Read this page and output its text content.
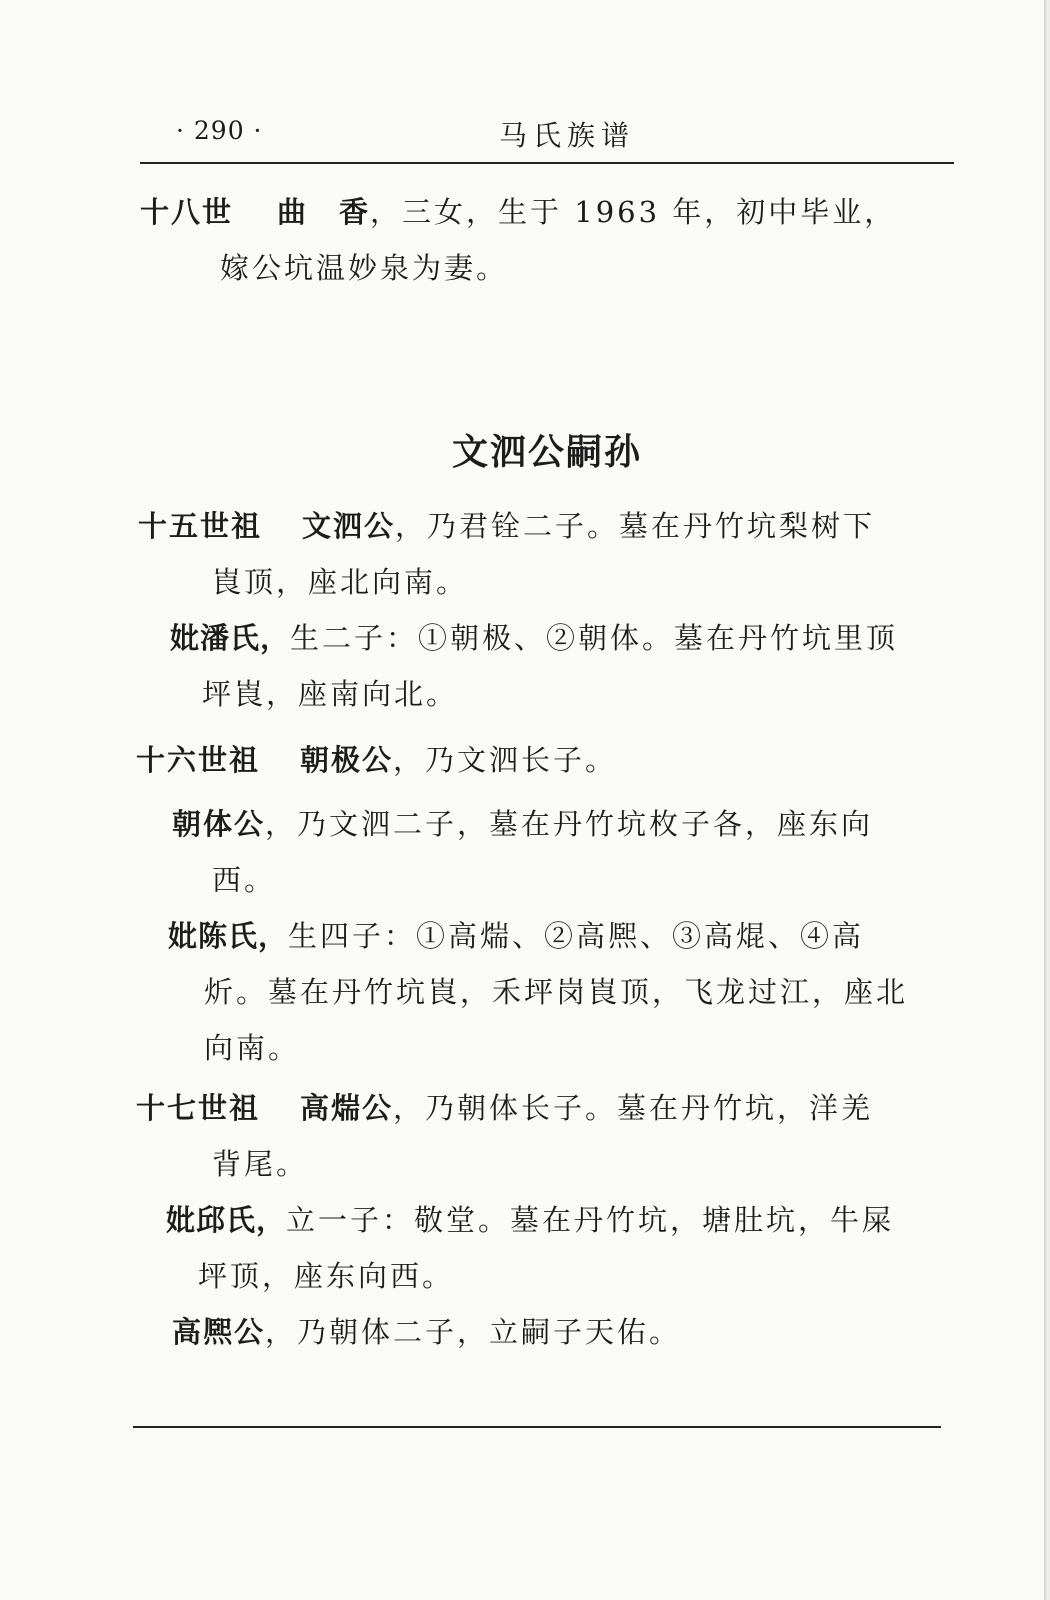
· 290 ·	马氏族谱
十八世 曲　香，三女，生于 1963 年，初中毕业，
嫁公坑温妙泉为妻。
文泗公嗣孙
十五世祖 文泗公，乃君铨二子。墓在丹竹坑梨树下
崀顶，座北向南。
妣潘氏，生二子：①朝极、②朝体。墓在丹竹坑里顶
坪崀，座南向北。
十六世祖 朝极公，乃文泗长子。
朝体公，乃文泗二子，墓在丹竹坑枚子各，座东向
西。
妣陈氏，生四子：①高煓、②高熈、③高焜、④高
炘。墓在丹竹坑崀，禾坪岗崀顶，飞龙过江，座北
向南。
十七世祖 高煓公，乃朝体长子。墓在丹竹坑，洋羌
背尾。
妣邱氏，立一子：敬堂。墓在丹竹坑，塘肚坑，牛屎
坪顶，座东向西。
高熈公，乃朝体二子，立嗣子天佑。
